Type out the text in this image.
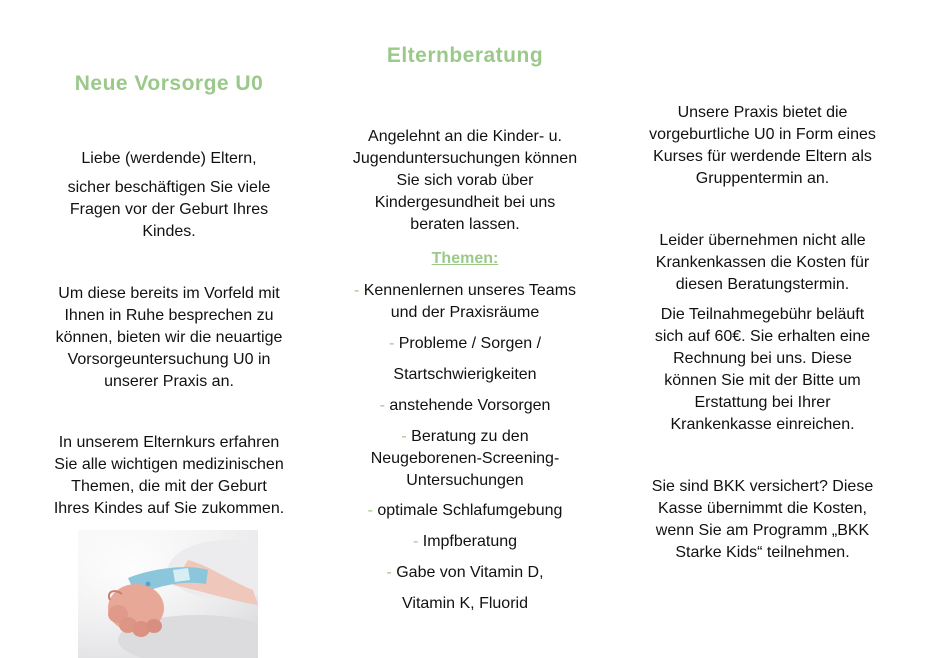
Neue Vorsorge U0
Elternberatung

Liebe (werdende) Eltern,

sicher beschäftigen Sie viele

Fragen vor der Geburt Ihres

Kindes.

Um diese bereits im Vorfeld mit

Ihnen in Ruhe besprechen zu

können, bieten wir die neuartige

Vorsorgeuntersuchung U0 in

unserer Praxis an.

In unserem Elternkurs erfahren

Sie alle wichtigen medizinischen

Themen, die mit der Geburt

Ihres Kindes auf Sie zukommen.

Angelehnt an die Kinder- u.

Jugenduntersuchungen können

Sie sich vorab über

Kindergesundheit bei uns

beraten lassen.

Themen:

- Kennenlernen unseres Teams

und der Praxisräume

- Probleme / Sorgen /

Startschwierigkeiten

- anstehende Vorsorgen

- Beratung zu den

Neugeborenen-Screening-

Untersuchungen

- optimale Schlafumgebung

- Impfberatung

- Gabe von Vitamin D,

Vitamin K, Fluorid

Unsere Praxis bietet die

vorgeburtliche U0 in Form eines

Kurses für werdende Eltern als

Gruppentermin an.

Leider übernehmen nicht alle

Krankenkassen die Kosten für

diesen Beratungstermin.

Die Teilnahmegebühr beläuft

sich auf 60€. Sie erhalten eine

Rechnung bei uns. Diese

können Sie mit der Bitte um

Erstattung bei Ihrer

Krankenkasse einreichen.

Sie sind BKK versichert? Diese

Kasse übernimmt die Kosten,

wenn Sie am Programm „BKK

Starke Kids“ teilnehmen.
